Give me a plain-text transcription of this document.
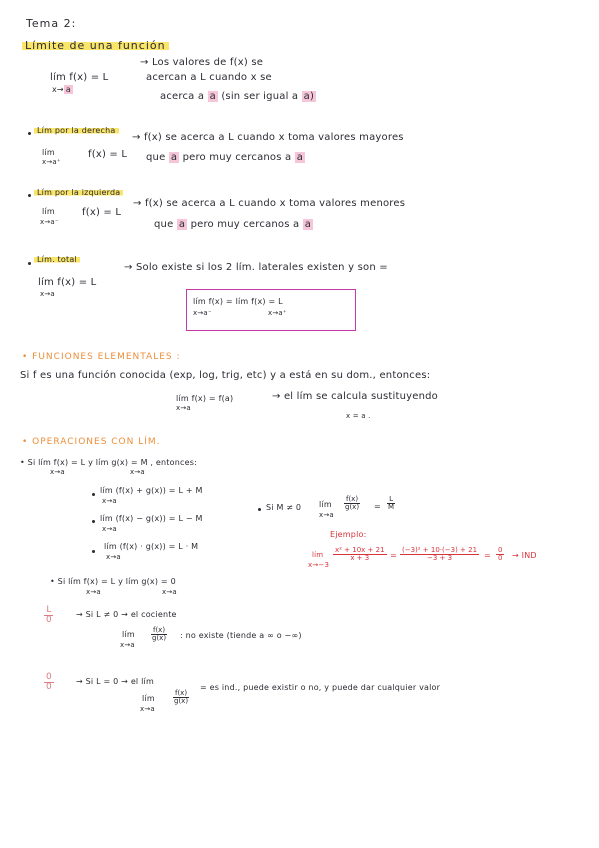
Tema 2:
Límite de una función
lím f(x) = L
x→ a
→ Los valores de f(x) se
acercan a L cuando x se
acerca a a (sin ser igual a a)
Lím por la derecha
lím
x→a⁺
f(x) = L
→ f(x) se acerca a L cuando x toma valores mayores
que a pero muy cercanos a a
Lím por la izquierda
lím
x→a⁻
f(x) = L
→ f(x) se acerca a L cuando x toma valores menores
que a pero muy cercanos a a
Lím. total
lím f(x) = L
x→a
→ Solo existe si los 2 lím. laterales existen y son =
lím f(x) = lím f(x) = L
x→a⁻	x→a⁺
• FUNCIONES ELEMENTALES :
Si f es una función conocida (exp, log, trig, etc) y a está en su dom., entonces:
lím f(x) = f(a)
x→a
→ el lím se calcula sustituyendo
x = a .
• OPERACIONES CON LÍM.
• Si lím f(x) = L y lím g(x) = M , entonces:
x→a	x→a
lím (f(x) + g(x)) = L + M
x→a
lím (f(x) − g(x)) = L − M
x→a
lím (f(x) · g(x)) = L · M
x→a
Si M ≠ 0 lím
x→a
$\frac{f(x)}{g(x)} = \frac{L}{M}$
Ejemplo:
lím
x→−3
$\frac{\text{x² + 10x + 21}}{x + 3} = \frac{\text{(−3)² + 10·(−3) + 21}}{-3 + 3} = \frac{0}{0}$ → IND
• Si lím f(x) = L y lím g(x) = 0
x→a	x→a
$\frac{L}{0}$	→ Si L ≠ 0 → el cociente
lím
x→a
$\frac{f(x)}{g(x)}$ : no existe (tiende a ∞ o −∞)
$\frac{0}{0}$	→ Si L = 0 → el lím
lím
x→a
$\frac{f(x)}{g(x)}$
= es ind., puede existir o no, y puede dar cualquier valor
